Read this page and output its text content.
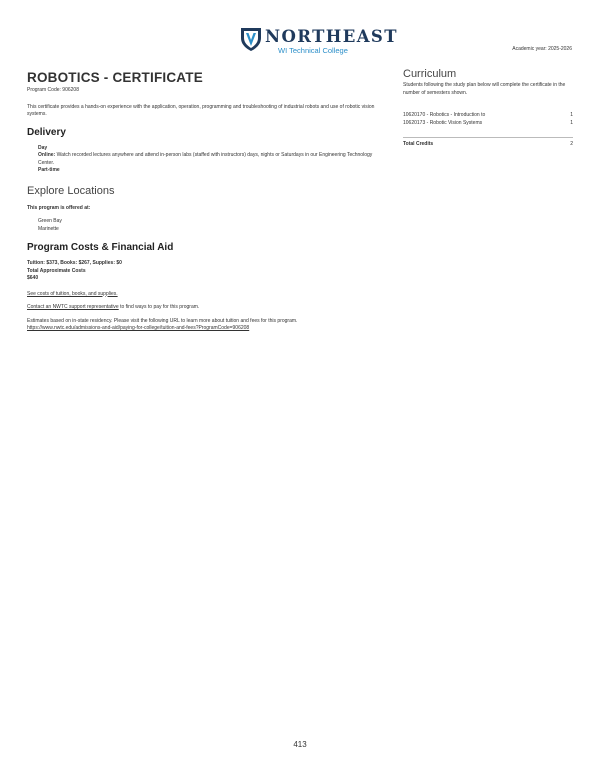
NORTHEAST
WI Technical College	Academic year: 2025-2026
ROBOTICS - CERTIFICATE
Program Code: 906208
This certificate provides a hands-on experience with the application, operation, programming and troubleshooting of industrial robots and use of robotic vision systems.
Delivery
Day
Online: Watch recorded lectures anywhere and attend in-person labs (staffed with instructors) days, nights or Saturdays in our Engineering Technology Center.
Part-time
Explore Locations
This program is offered at:
Green Bay
Marinette
Program Costs & Financial Aid
Tuition: $373, Books: $267, Supplies: $0
Total Approximate Costs
$640
See costs of tuition, books, and supplies.
Contact an NWTC support representative to find ways to pay for this program.
Estimates based on in-state residency. Please visit the following URL to learn more about tuition and fees for this program.
https://www.nwtc.edu/admissions-and-aid/paying-for-college/tuition-and-fees?ProgramCode=906208
Curriculum
Students following the study plan below will complete the certificate in the number of semesters shown.
10620170 - Robotics - Introduction to	1
10620173 - Robotic Vision Systems	1
Total Credits	2
413
